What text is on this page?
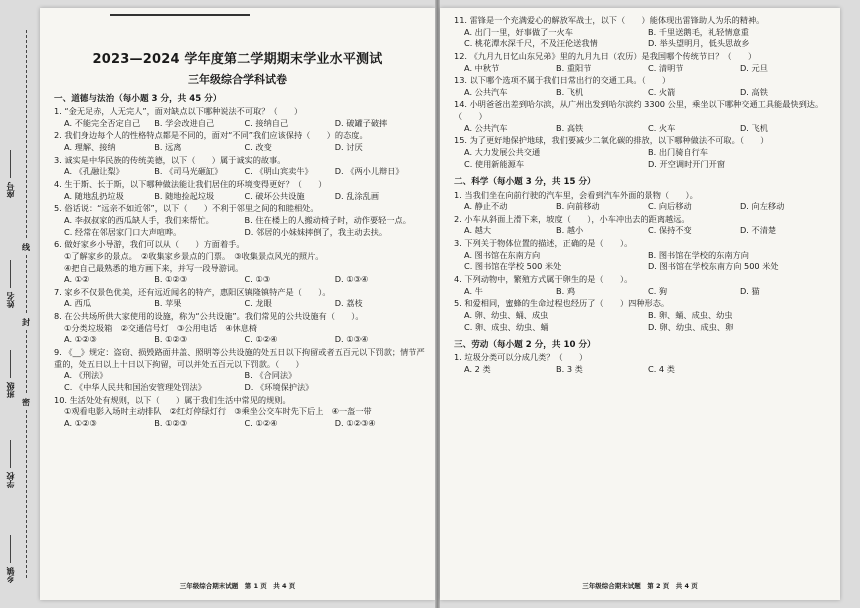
座号
姓名
班级
学校
乡镇
线
封
密
2023—2024 学年度第二学期期末学业水平测试
三年级综合学科试卷
一、道德与法治（每小题 3 分，共 45 分）
1. “金无足赤，人无完人”，面对缺点以下哪种说法不可取？（　　）
A. 不能完全否定自己	B. 学会改进自己	C. 接纳自己	D. 破罐子破摔
2. 我们身边每个人的性格特点都是不同的，面对“不同”我们应该保持（　　）的态度。
A. 理解、接纳	B. 远离	C. 改变	D. 讨厌
3. 诚实是中华民族的传统美德，以下（　　）属于诚实的故事。
A. 《孔融让梨》	B. 《司马光砸缸》	C. 《明山宾卖牛》	D. 《两小儿辩日》
4. 生于斯、长于斯，以下哪种做法能让我们居住的环境变得更好？（　　）
A. 随地乱扔垃圾	B. 随地捡起垃圾	C. 破坏公共设施	D. 乱涂乱画
5. 俗话说：“远亲不如近邻”，以下（　　）不利于邻里之间的和睦相处。
A. 李叔叔家的西瓜缺人手，我们来帮忙。	B. 住在楼上的人搬动椅子时，动作要轻一点。
C. 经常在邻居家门口大声喧哗。	D. 邻居的小妹妹摔倒了，我主动去扶。
6. 做好家乡小导游，我们可以从（　　）方面着手。
①了解家乡的景点。　②收集家乡景点的门票。　③收集景点风光的照片。
④把自己最熟悉的地方画下来，并写一段导游词。
A. ①②	B. ①②③	C. ①③	D. ①③④
7. 家乡不仅景色优美，还有远近闻名的特产，惠阳区镇隆镇特产是（　　）。
A. 西瓜	B. 苹果	C. 龙眼	D. 荔枝
8. 在公共场所供大家使用的设施，称为“公共设施”。我们常见的公共设施有（　　）。
①分类垃圾箱　②交通信号灯　③公用电话　④休息椅
A. ①②③	B. ①②③	C. ①②④	D. ①③④
9. 《__》规定：盗窃、损毁路面井盖、照明等公共设施的处五日以下拘留或者五百元以下罚款；情节严重的，处五日以上十日以下拘留，可以并处五百元以下罚款。（　　）
A. 《刑法》	B. 《合同法》
C. 《中华人民共和国治安管理处罚法》	D. 《环境保护法》
10. 生活处处有规则，以下（　　）属于我们生活中常见的规则。
①观看电影入场时主动排队　②红灯停绿灯行　③乘坐公交车时先下后上　④一盔一带
A. ①②③	B. ①②③	C. ①②④	D. ①②③④
三年级综合期末试题　第 1 页　共 4 页
11. 雷锋是一个充满爱心的解放军战士，以下（　　）能体现出雷锋助人为乐的精神。
A. 出门一里，好事做了一火车	B. 千里送鹅毛，礼轻情意重
C. 桃花潭水深千尺，不及汪伦送我情	D. 举头望明月，低头思故乡
12. 《九月九日忆山东兄弟》里的九月九日（农历）是我国哪个传统节日？（　　）
A. 中秋节	B. 重阳节	C. 清明节	D. 元旦
13. 以下哪个选项不属于我们日常出行的交通工具。（　　）
A. 公共汽车	B. 飞机	C. 火箭	D. 高铁
14. 小明爸爸出差到哈尔滨，从广州出发到哈尔滨约 3300 公里，乘坐以下哪种交通工具能最快到达。（　　）
A. 公共汽车	B. 高铁	C. 火车	D. 飞机
15. 为了更好地保护地球，我们要减少二氧化碳的排放，以下哪种做法不可取。（　　）
A. 大力发展公共交通	B. 出门骑自行车
C. 使用新能源车	D. 开空调时开门开窗
二、科学（每小题 3 分，共 15 分）
1. 当我们坐在向前行驶的汽车里，会看到汽车外面的景物（　　）。
A. 静止不动	B. 向前移动	C. 向后移动	D. 向左移动
2. 小车从斜面上滑下来，坡度（　　），小车冲出去的距离越远。
A. 越大	B. 越小	C. 保持不变	D. 不清楚
3. 下列关于物体位置的描述，正确的是（　　）。
A. 图书馆在东南方向	B. 图书馆在学校的东南方向
C. 图书馆在学校 500 米处	D. 图书馆在学校东南方向 500 米处
4. 下列动物中，繁殖方式属于卵生的是（　　）。
A. 牛	B. 鸡	C. 狗	D. 猫
5. 和爱相同，蜜蜂的生命过程也经历了（　　）四种形态。
A. 卵、幼虫、蛹、成虫	B. 卵、蛹、成虫、幼虫
C. 卵、成虫、幼虫、蛹	D. 卵、幼虫、成虫、卵
三、劳动（每小题 2 分，共 10 分）
1. 垃圾分类可以分成几类？（　　）
A. 2 类	B. 3 类	C. 4 类
三年级综合期末试题　第 2 页　共 4 页
